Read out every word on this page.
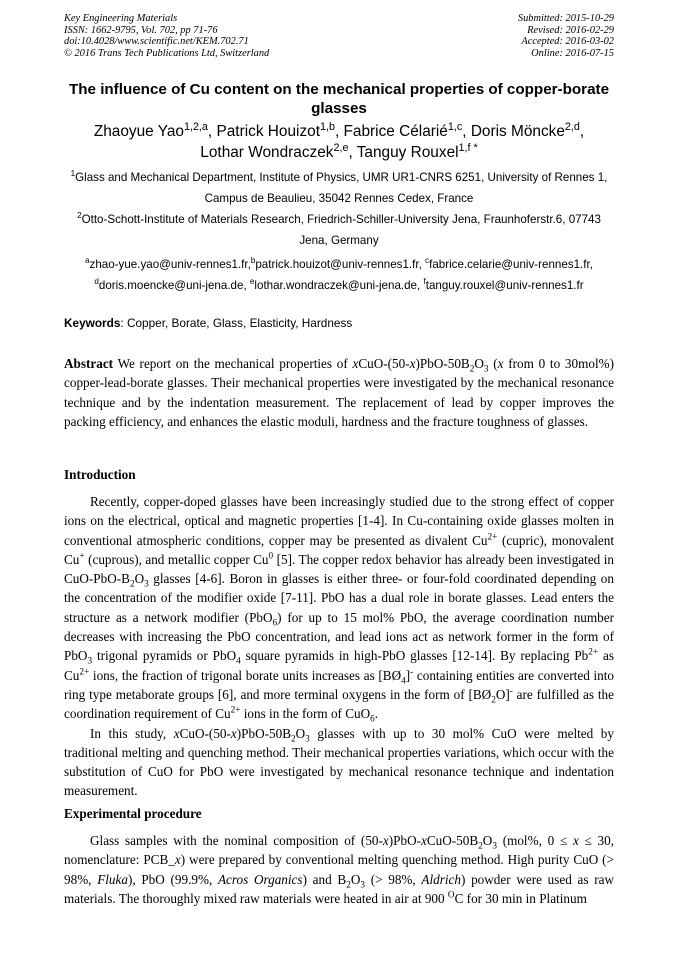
Key Engineering Materials
ISSN: 1662-9795, Vol. 702, pp 71-76
doi:10.4028/www.scientific.net/KEM.702.71
© 2016 Trans Tech Publications Ltd, Switzerland
Submitted: 2015-10-29
Revised: 2016-02-29
Accepted: 2016-03-02
Online: 2016-07-15
The influence of Cu content on the mechanical properties of copper-borate glasses
Zhaoyue Yao$^{1,2,a}$, Patrick Houizot$^{1,b}$, Fabrice Célarié$^{1,c}$, Doris Möncke$^{2,d}$,
Lothar Wondraczek$^{2,e}$, Tanguy Rouxel$^{1,f *}$
$^1$Glass and Mechanical Department, Institute of Physics, UMR UR1-CNRS 6251, University of Rennes 1, Campus de Beaulieu, 35042 Rennes Cedex, France
$^2$Otto-Schott-Institute of Materials Research, Friedrich-Schiller-University Jena, Fraunhoferstr.6, 07743 Jena, Germany
$^a$zhao-yue.yao@univ-rennes1.fr,$^b$patrick.houizot@univ-rennes1.fr, $^c$fabrice.celarie@univ-rennes1.fr,
$^d$doris.moencke@uni-jena.de, $^e$lothar.wondraczek@uni-jena.de, $^f$tanguy.rouxel@univ-rennes1.fr
Keywords: Copper, Borate, Glass, Elasticity, Hardness
Abstract We report on the mechanical properties of xCuO-$(50-x)PbO-50B_2O_3$ (x from 0 to 30mol%) copper-lead-borate glasses. Their mechanical properties were investigated by the mechanical resonance technique and by the indentation measurement. The replacement of lead by copper improves the packing efficiency, and enhances the elastic moduli, hardness and the fracture toughness of glasses.
Introduction

Recently, copper-doped glasses have been increasingly studied due to the strong effect of copper ions on the electrical, optical and magnetic properties [1-4]. In Cu-containing oxide glasses molten in conventional atmospheric conditions, copper may be presented as divalent $Cu^{2+}$ (cupric), monovalent Cu+ (cuprous), and metallic copper Cu$^0$ [5]. The copper redox behavior has already been investigated in CuO-$PbO-B_2O_3$ glasses [4-6]. Boron in glasses is either three- or four-fold coordinated depending on the concentration of the modifier oxide [7-11]. PbO has a dual role in borate glasses. Lead enters the structure as a network modifier (PbO$_6$) for up to 15 mol% PbO, the average coordination number decreases with increasing the PbO concentration, and lead ions act as network former in the form of PbO$_3$ trigonal pyramids or PbO$_4$ square pyramids in high-PbO glasses [12-14]. By replacing $Pb^{2+}$ as $Cu^{2+}$ ions, the fraction of trigonal borate units increases as $[BØ_4]^-$ containing entities are converted into ring type metaborate groups [6], and more terminal oxygens in the form of $[BØ_2O]^-$ are fulfilled as the coordination requirement of $Cu^{2+}$ ions in the form of CuO$_6$.

In this study, xCuO-$(50-x)PbO-50B_2O_3$ glasses with up to 30 mol% CuO were melted by traditional melting and quenching method. Their mechanical properties variations, which occur with the substitution of CuO for PbO were investigated by mechanical resonance technique and indentation measurement.

Experimental procedure

Glass samples with the nominal composition of $(50-x)PbO-xCuO-50B_2O_3$ (mol%, 0 ≤ x ≤ 30, nomenclature: PCB_x) were prepared by conventional melting quenching method. High purity CuO (> 98%, Fluka), PbO (99.9%, Acros Organics) and $B_2O_3$ (> 98%, Aldrich) powder were used as raw materials. The thoroughly mixed raw materials were heated in air at 900 $^O$C for 30 min in Platinum
